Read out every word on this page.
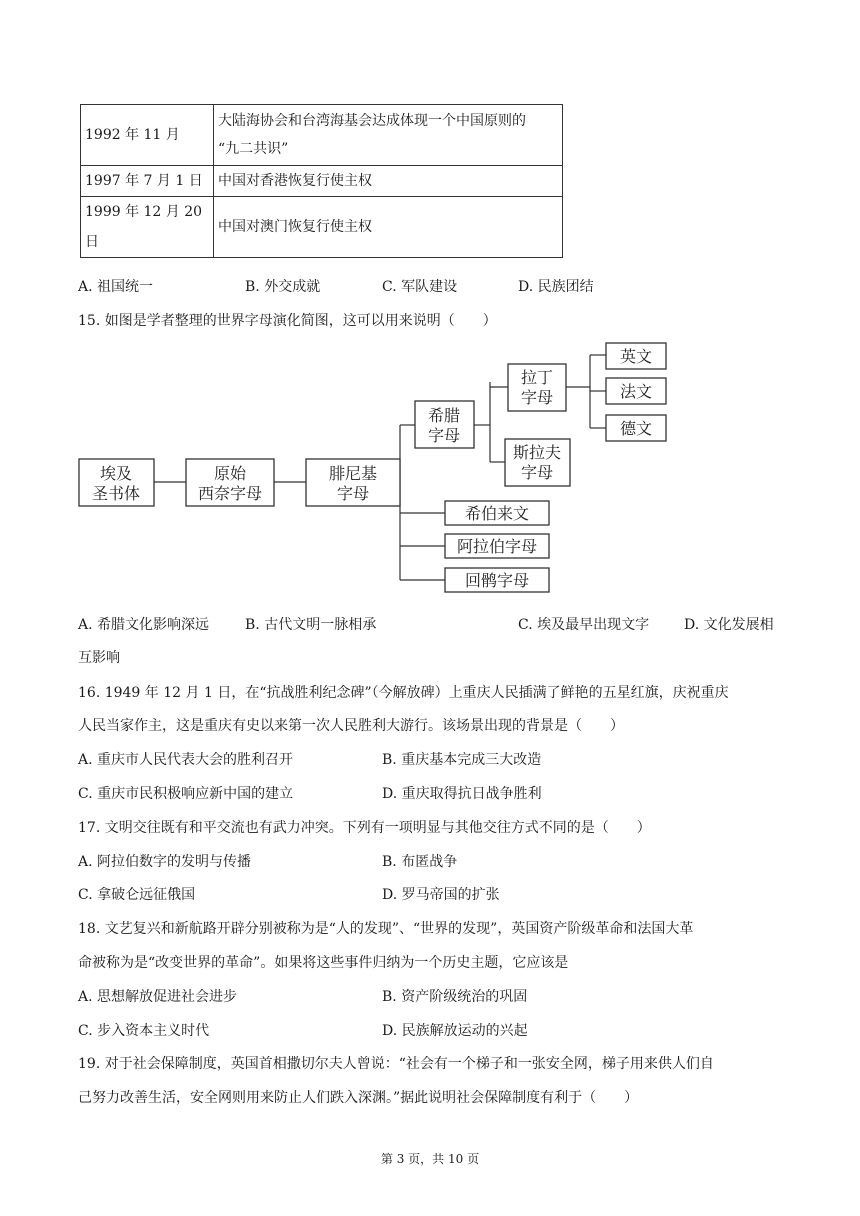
1992 年 11 月	大陆海协会和台湾海基会达成体现一个中国原则的
“九二共识”

1997 年 7 月 1 日	中国对香港恢复行使主权
1999 年 12 月 20 日	中国对澳门恢复行使主权
A. 祖国统一	B. 外交成就	C. 军队建设	D. 民族团结
15. 如图是学者整理的世界字母演化简图，这可以用来说明（　　）
埃及
圣书体
原始
西奈字母
腓尼基
字母
希腊
字母
拉丁
字母
斯拉夫
字母
英文
法文
德文
希伯来文
阿拉伯字母
回鹘字母
A. 希腊文化影响深远	B. 古代文明一脉相承	C. 埃及最早出现文字 D. 文化发展相
互影响
16. 1949 年 12 月 1 日，在“抗战胜利纪念碑”（今解放碑）上重庆人民插满了鲜艳的五星红旗，庆祝重庆
人民当家作主，这是重庆有史以来第一次人民胜利大游行。该场景出现的背景是（　　）
A. 重庆市人民代表大会的胜利召开	B. 重庆基本完成三大改造
C. 重庆市民积极响应新中国的建立	D. 重庆取得抗日战争胜利
17. 文明交往既有和平交流也有武力冲突。下列有一项明显与其他交往方式不同的是（　　）
A. 阿拉伯数字的发明与传播	B. 布匿战争
C. 拿破仑远征俄国	D. 罗马帝国的扩张
18. 文艺复兴和新航路开辟分别被称为是“人的发现”、“世界的发现”，英国资产阶级革命和法国大革
命被称为是“改变世界的革命”。如果将这些事件归纳为一个历史主题，它应该是
A. 思想解放促进社会进步	B. 资产阶级统治的巩固
C. 步入资本主义时代	D. 民族解放运动的兴起
19. 对于社会保障制度，英国首相撒切尔夫人曾说：“社会有一个梯子和一张安全网，梯子用来供人们自
己努力改善生活，安全网则用来防止人们跌入深渊。”据此说明社会保障制度有利于（　　）
第 3 页，共 10 页
